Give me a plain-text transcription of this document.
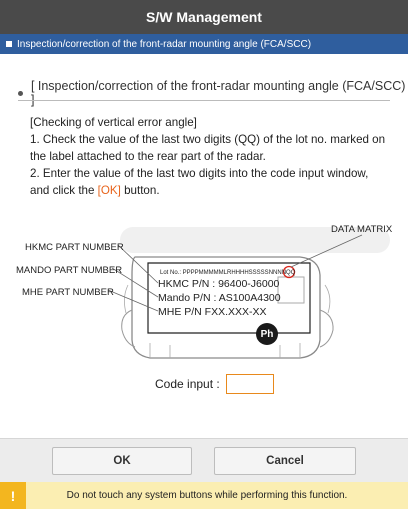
S/W Management
Inspection/correction of the front-radar mounting angle (FCA/SCC)
[ Inspection/correction of the front-radar mounting angle (FCA/SCC)

[Checking of vertical error angle]

1. Check the value of the last two digits (QQ) of the lot no. marked on the label attached to the rear part of the radar.

2. Enter the value of the last two digits into the code input window, and click the [OK] button.

DATA MATRIX
HKMC PART NUMBER
MANDO PART NUMBER
MHE PART NUMBER
Lot No.: PPPPMMMMMLRHHHHSSSSSNNNNQQ
HKMC P/N : 96400-J6000
Mando P/N : AS100A4300
MHE P/N FXX.XXX-XX
Ph
Code input :
OK	Cancel
!	Do not touch any system buttons while performing this function.
